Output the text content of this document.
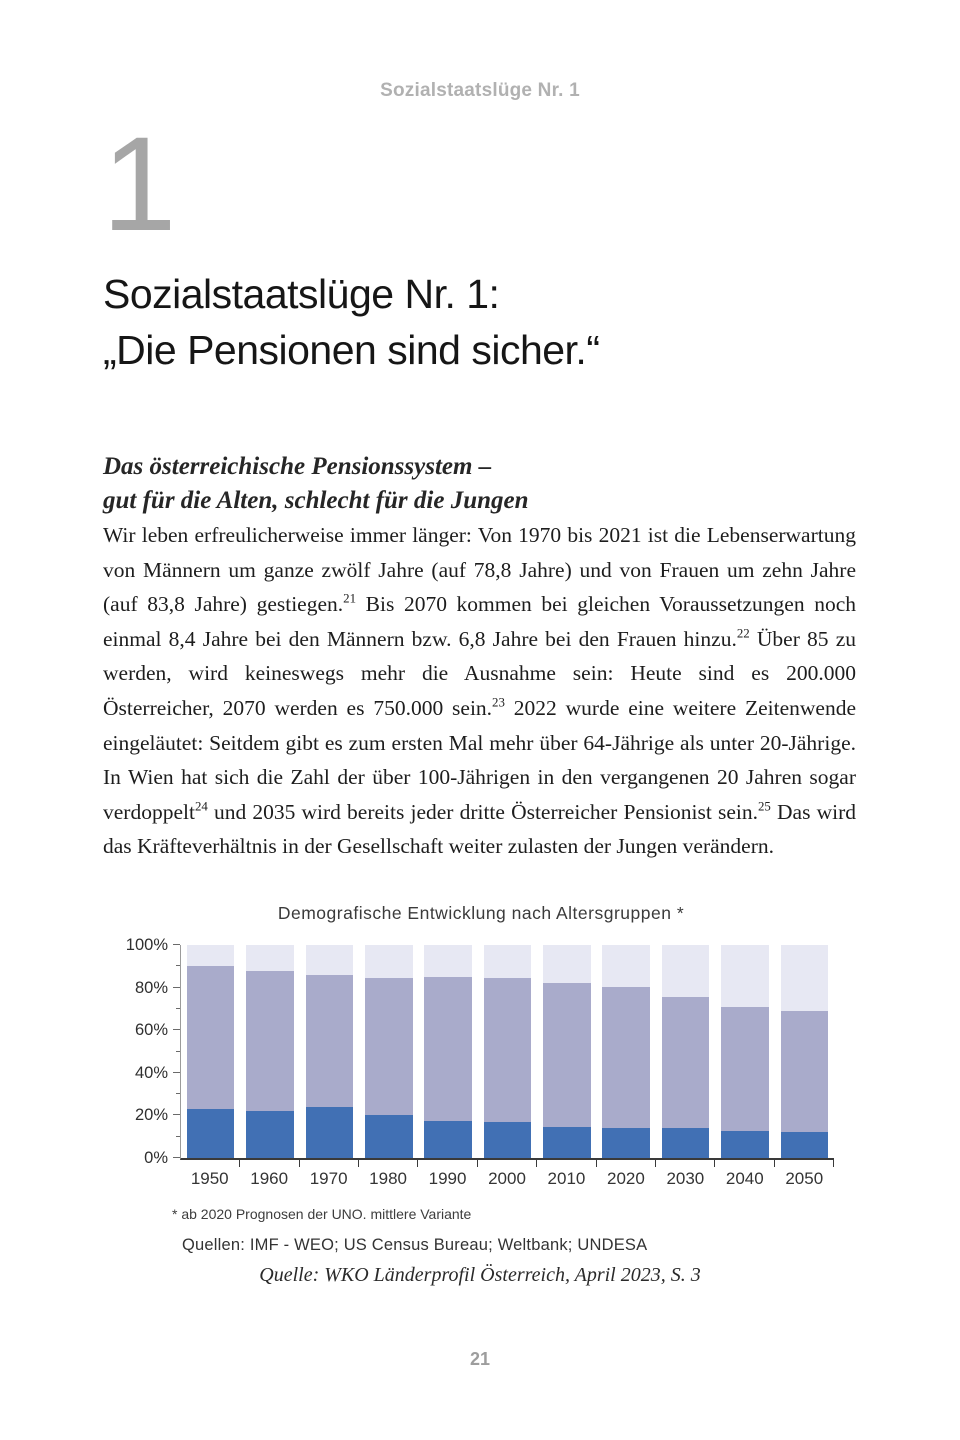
Sozialstaatslüge Nr. 1
1
Sozialstaatslüge Nr. 1:
„Die Pensionen sind sicher.“
Das österreichische Pensionssystem –
gut für die Alten, schlecht für die Jungen

Wir leben erfreulicherweise immer länger: Von 1970 bis 2021 ist die Lebenserwartung von Männern um ganze zwölf Jahre (auf 78,8 Jahre) und von Frauen um zehn Jahre (auf 83,8 Jahre) gestiegen.$^{21}$ Bis 2070 kommen bei gleichen Voraussetzungen noch einmal 8,4 Jahre bei den Männern bzw. 6,8 Jahre bei den Frauen hinzu.$^{22}$ Über 85 zu werden, wird keineswegs mehr die Ausnahme sein: Heute sind es 200.000 Österreicher, 2070 werden es 750.000 sein.$^{23}$ 2022 wurde eine weitere Zeitenwende eingeläutet: Seitdem gibt es zum ersten Mal mehr über 64-Jährige als unter 20-Jährige. In Wien hat sich die Zahl der über 100-Jährigen in den vergangenen 20 Jahren sogar verdoppelt$^{24}$ und 2035 wird bereits jeder dritte Österreicher Pensionist sein.$^{25}$ Das wird das Kräfteverhältnis in der Gesellschaft weiter zulasten der Jungen verändern.

Demografische Entwicklung nach Altersgruppen *
0%
20%
40%
60%
80%
100%
1950	1960	1970	1980	1990	2000	2010	2020	2030	2040	2050
* ab 2020 Prognosen der UNO. mittlere Variante
Quellen: IMF - WEO; US Census Bureau; Weltbank; UNDESA
Quelle: WKO Länderprofil Österreich, April 2023, S. 3
21
